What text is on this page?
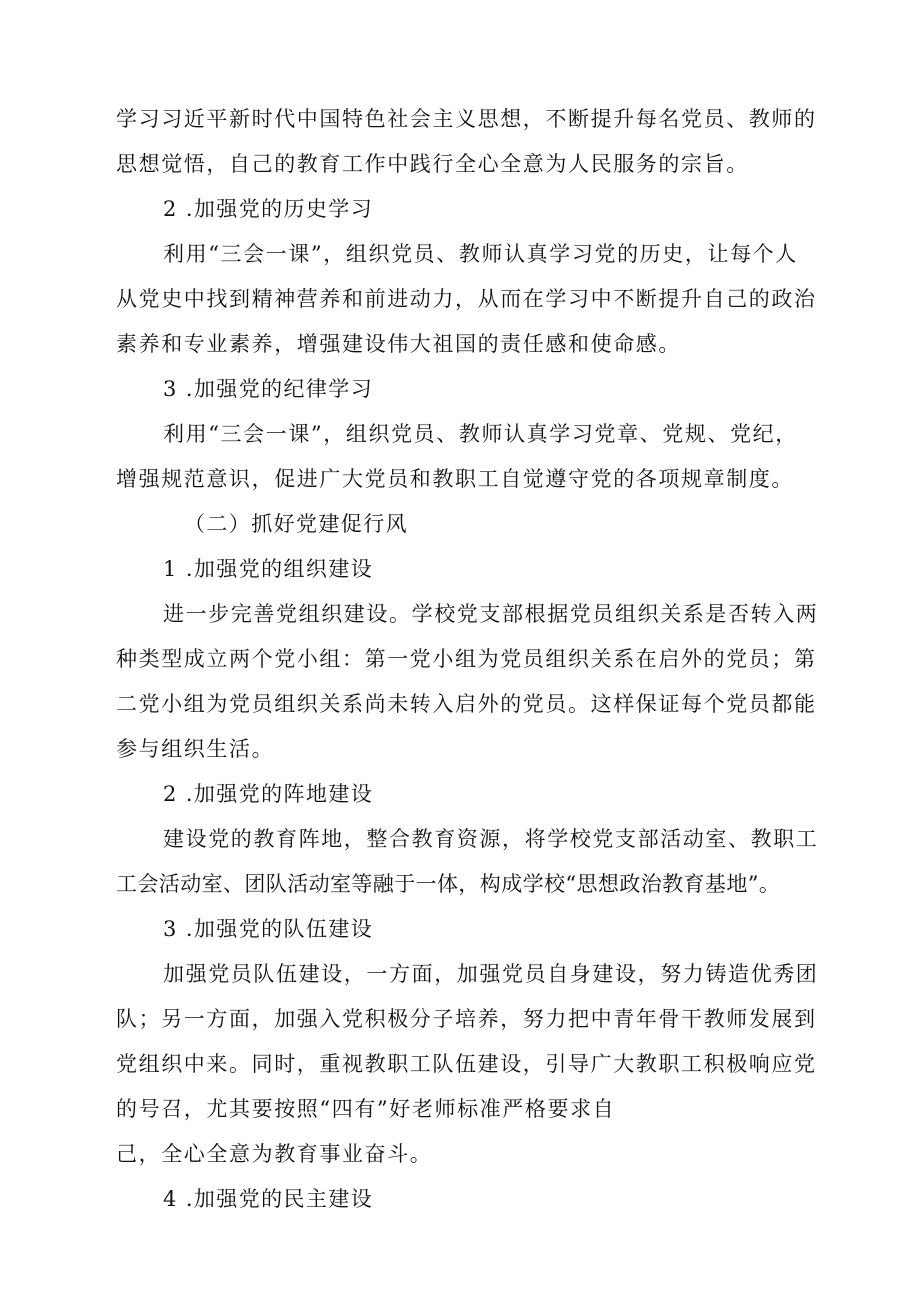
学习习近平新时代中国特色社会主义思想，不断提升每名党员、教师的
思想觉悟，自己的教育工作中践行全心全意为人民服务的宗旨。
2 .加强党的历史学习
利用“三会一课”，组织党员、教师认真学习党的历史，让每个人
从党史中找到精神营养和前进动力，从而在学习中不断提升自己的政治
素养和专业素养，增强建设伟大祖国的责任感和使命感。
3 .加强党的纪律学习
利用“三会一课”，组织党员、教师认真学习党章、党规、党纪，
增强规范意识，促进广大党员和教职工自觉遵守党的各项规章制度。
（二）抓好党建促行风
1 .加强党的组织建设
进一步完善党组织建设。学校党支部根据党员组织关系是否转入两
种类型成立两个党小组：第一党小组为党员组织关系在启外的党员；第
二党小组为党员组织关系尚未转入启外的党员。这样保证每个党员都能
参与组织生活。
2 .加强党的阵地建设
建设党的教育阵地，整合教育资源，将学校党支部活动室、教职工
工会活动室、团队活动室等融于一体，构成学校“思想政治教育基地”。
3 .加强党的队伍建设
加强党员队伍建设，一方面，加强党员自身建设，努力铸造优秀团
队；另一方面，加强入党积极分子培养，努力把中青年骨干教师发展到
党组织中来。同时，重视教职工队伍建设，引导广大教职工积极响应党
的号召，尤其要按照“四有”好老师标准严格要求自
己，全心全意为教育事业奋斗。
4 .加强党的民主建设
